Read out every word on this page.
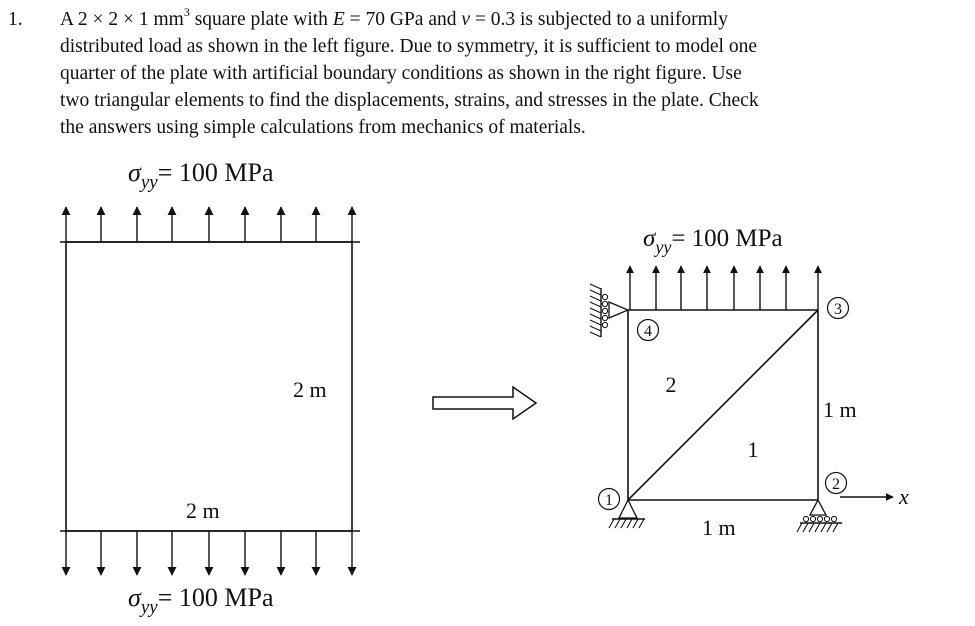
1. A 2 × 2 × 1 $mm^3$ square plate with E = 70 GPa and v = 0.3 is subjected to a uniformly
distributed load as shown in the left figure. Due to symmetry, it is sufficient to model one
quarter of the plate with artificial boundary conditions as shown in the right figure. Use
two triangular elements to find the displacements, strains, and stresses in the plate. Check
the answers using simple calculations from mechanics of materials.
$\sigma_{yy}= 100$ MPa
2 m
2 m
$\sigma_{yy}= 100$ MPa
$\sigma_{yy}= 100$ MPa
x
1
2
3
4
2
1
1 m
1 m
